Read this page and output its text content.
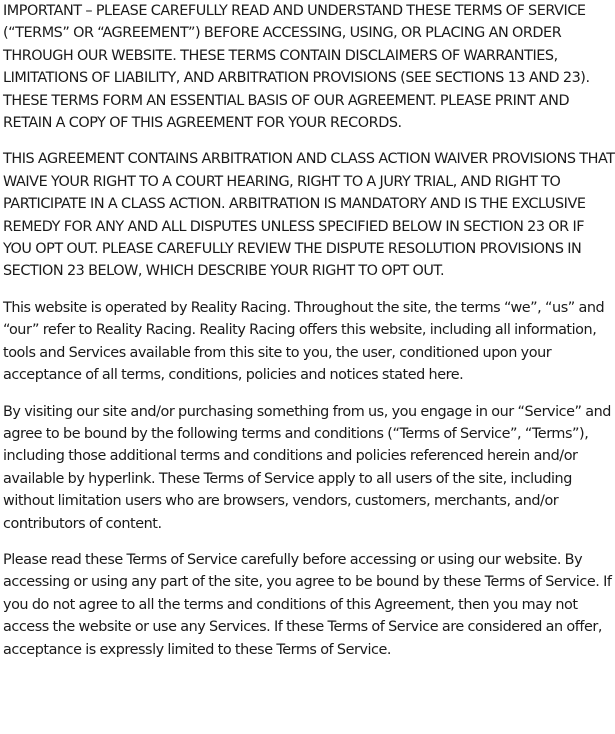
IMPORTANT – PLEASE CAREFULLY READ AND UNDERSTAND THESE TERMS OF SERVICE (“TERMS” OR “AGREEMENT”) BEFORE ACCESSING, USING, OR PLACING AN ORDER THROUGH OUR WEBSITE. THESE TERMS CONTAIN DISCLAIMERS OF WARRANTIES, LIMITATIONS OF LIABILITY, AND ARBITRATION PROVISIONS (SEE SECTIONS 13 AND 23). THESE TERMS FORM AN ESSENTIAL BASIS OF OUR AGREEMENT. PLEASE PRINT AND RETAIN A COPY OF THIS AGREEMENT FOR YOUR RECORDS.

THIS AGREEMENT CONTAINS ARBITRATION AND CLASS ACTION WAIVER PROVISIONS THAT WAIVE YOUR RIGHT TO A COURT HEARING, RIGHT TO A JURY TRIAL, AND RIGHT TO PARTICIPATE IN A CLASS ACTION. ARBITRATION IS MANDATORY AND IS THE EXCLUSIVE REMEDY FOR ANY AND ALL DISPUTES UNLESS SPECIFIED BELOW IN SECTION 23 OR IF YOU OPT OUT. PLEASE CAREFULLY REVIEW THE DISPUTE RESOLUTION PROVISIONS IN SECTION 23 BELOW, WHICH DESCRIBE YOUR RIGHT TO OPT OUT.

This website is operated by Reality Racing. Throughout the site, the terms “we”, “us” and “our” refer to Reality Racing. Reality Racing offers this website, including all information, tools and Services available from this site to you, the user, conditioned upon your acceptance of all terms, conditions, policies and notices stated here.

By visiting our site and/or purchasing something from us, you engage in our “Service” and agree to be bound by the following terms and conditions (“Terms of Service”, “Terms”), including those additional terms and conditions and policies referenced herein and/or available by hyperlink. These Terms of Service apply to all users of the site, including without limitation users who are browsers, vendors, customers, merchants, and/or contributors of content.

Please read these Terms of Service carefully before accessing or using our website. By accessing or using any part of the site, you agree to be bound by these Terms of Service. If you do not agree to all the terms and conditions of this Agreement, then you may not access the website or use any Services. If these Terms of Service are considered an offer, acceptance is expressly limited to these Terms of Service.
